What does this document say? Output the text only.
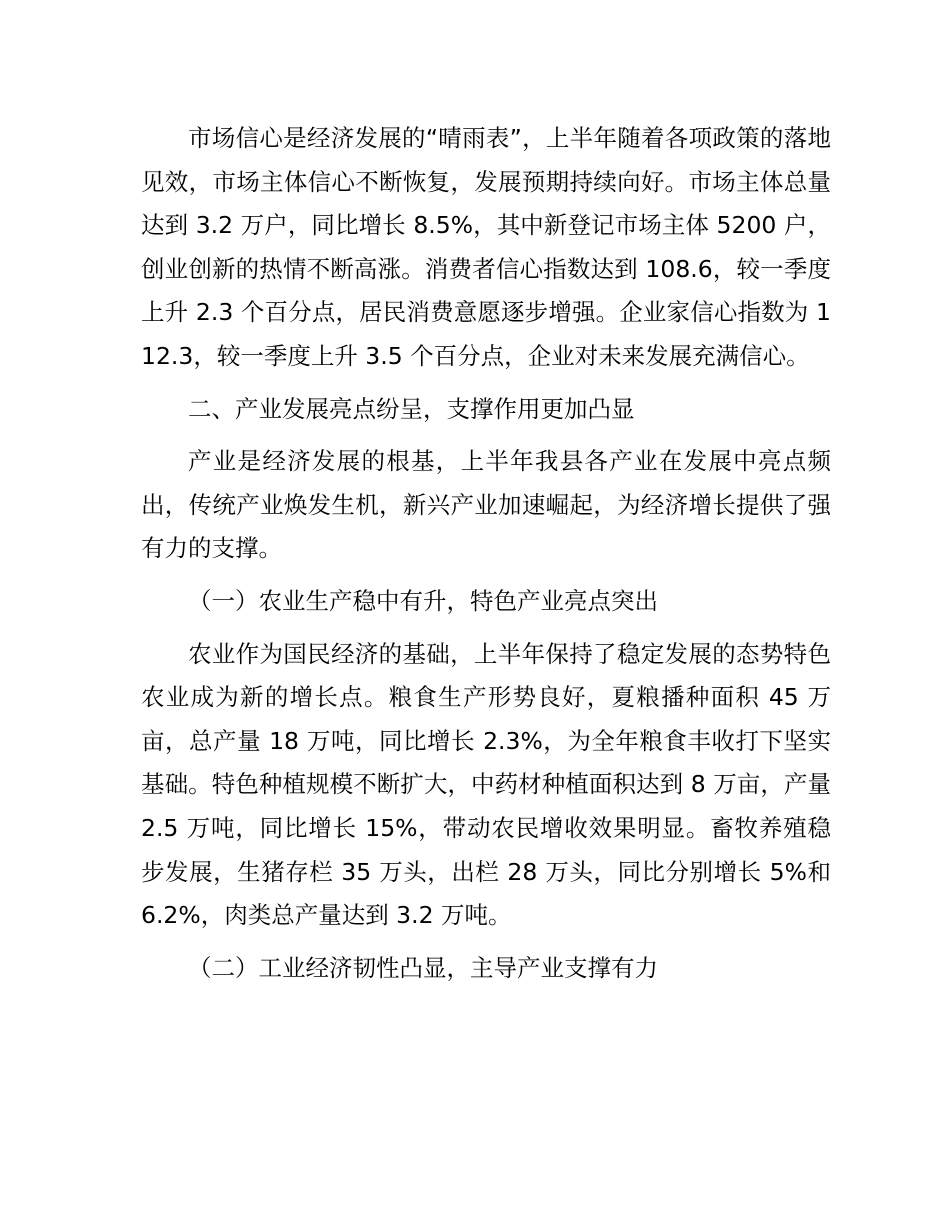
市场信心是经济发展的“晴雨表”，上半年随着各项政策的落地见效，市场主体信心不断恢复，发展预期持续向好。市场主体总量达到 3.2 万户，同比增长 8.5%，其中新登记市场主体 5200 户，创业创新的热情不断高涨。消费者信心指数达到 108.6，较一季度上升 2.3 个百分点，居民消费意愿逐步增强。企业家信心指数为 112.3，较一季度上升 3.5 个百分点，企业对未来发展充满信心。

二、产业发展亮点纷呈，支撑作用更加凸显

产业是经济发展的根基，上半年我县各产业在发展中亮点频出，传统产业焕发生机，新兴产业加速崛起，为经济增长提供了强有力的支撑。

（一）农业生产稳中有升，特色产业亮点突出

农业作为国民经济的基础，上半年保持了稳定发展的态势特色农业成为新的增长点。粮食生产形势良好，夏粮播种面积 45 万亩，总产量 18 万吨，同比增长 2.3%，为全年粮食丰收打下坚实基础。特色种植规模不断扩大，中药材种植面积达到 8 万亩，产量 2.5 万吨，同比增长 15%，带动农民增收效果明显。畜牧养殖稳步发展，生猪存栏 35 万头，出栏 28 万头，同比分别增长 5%和 6.2%，肉类总产量达到 3.2 万吨。

（二）工业经济韧性凸显，主导产业支撑有力
